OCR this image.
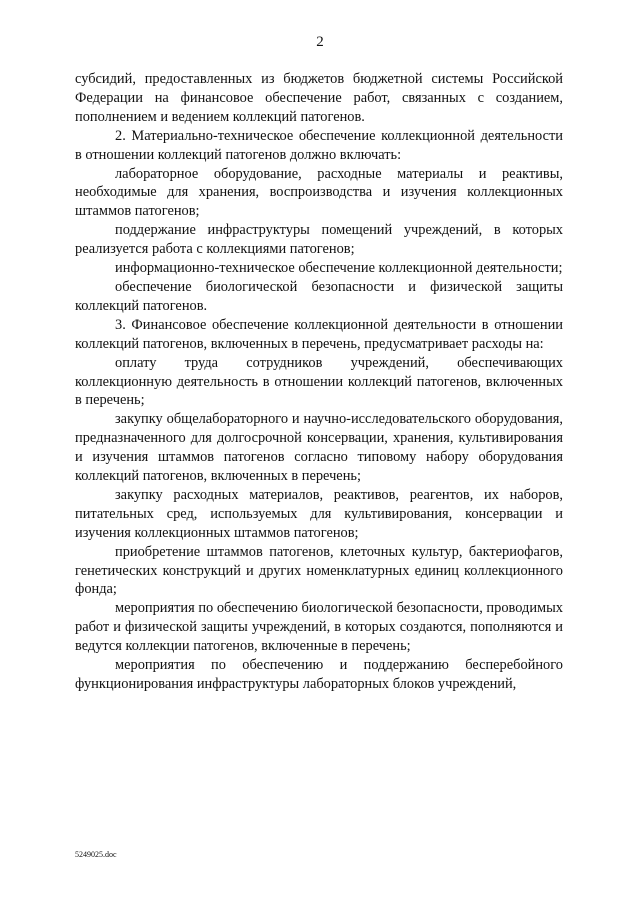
2

субсидий, предоставленных из бюджетов бюджетной системы Российской Федерации на финансовое обеспечение работ, связанных с созданием, пополнением и ведением коллекций патогенов.

2. Материально-техническое обеспечение коллекционной деятельности в отношении коллекций патогенов должно включать:

лабораторное оборудование, расходные материалы и реактивы, необходимые для хранения, воспроизводства и изучения коллекционных штаммов патогенов;

поддержание инфраструктуры помещений учреждений, в которых реализуется работа с коллекциями патогенов;

информационно-техническое обеспечение коллекционной деятельности;

обеспечение биологической безопасности и физической защиты коллекций патогенов.

3. Финансовое обеспечение коллекционной деятельности в отношении коллекций патогенов, включенных в перечень, предусматривает расходы на:

оплату труда сотрудников учреждений, обеспечивающих коллекционную деятельность в отношении коллекций патогенов, включенных в перечень;

закупку общелабораторного и научно-исследовательского оборудования, предназначенного для долгосрочной консервации, хранения, культивирования и изучения штаммов патогенов согласно типовому набору оборудования коллекций патогенов, включенных в перечень;

закупку расходных материалов, реактивов, реагентов, их наборов, питательных сред, используемых для культивирования, консервации и изучения коллекционных штаммов патогенов;

приобретение штаммов патогенов, клеточных культур, бактериофагов, генетических конструкций и других номенклатурных единиц коллекционного фонда;

мероприятия по обеспечению биологической безопасности, проводимых работ и физической защиты учреждений, в которых создаются, пополняются и ведутся коллекции патогенов, включенные в перечень;

мероприятия по обеспечению и поддержанию бесперебойного функционирования инфраструктуры лабораторных блоков учреждений,

5249025.doc
